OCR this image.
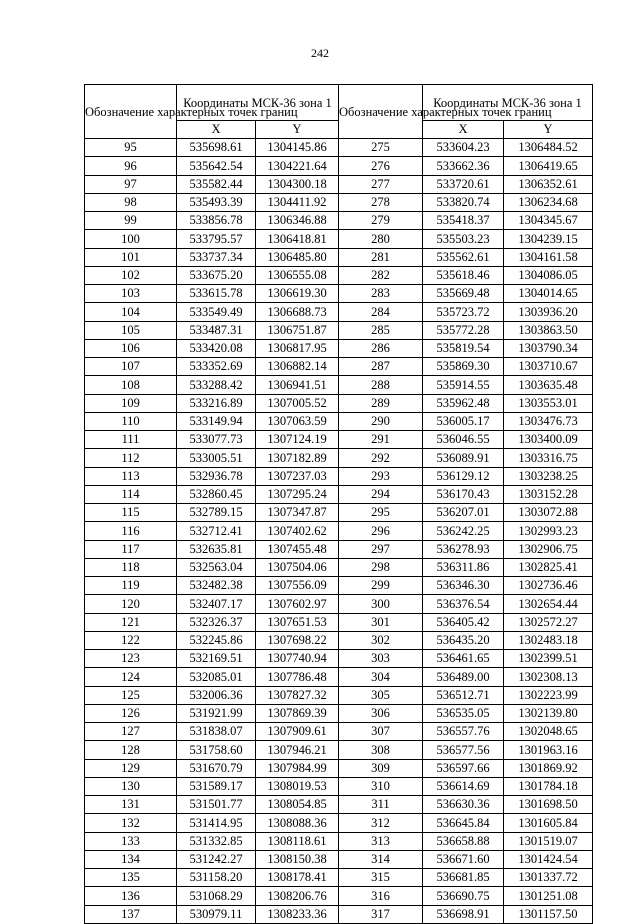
242
Обозначение характерных точек границ	Координаты МСК-36 зона 1		Обозначение характерных точек границ	Координаты МСК-36 зона 1	
	X	Y		X	Y
95	535698.61	1304145.86	275	533604.23	1306484.52
96	535642.54	1304221.64	276	533662.36	1306419.65
97	535582.44	1304300.18	277	533720.61	1306352.61
98	535493.39	1304411.92	278	533820.74	1306234.68
99	533856.78	1306346.88	279	535418.37	1304345.67
100	533795.57	1306418.81	280	535503.23	1304239.15
101	533737.34	1306485.80	281	535562.61	1304161.58
102	533675.20	1306555.08	282	535618.46	1304086.05
103	533615.78	1306619.30	283	535669.48	1304014.65
104	533549.49	1306688.73	284	535723.72	1303936.20
105	533487.31	1306751.87	285	535772.28	1303863.50
106	533420.08	1306817.95	286	535819.54	1303790.34
107	533352.69	1306882.14	287	535869.30	1303710.67
108	533288.42	1306941.51	288	535914.55	1303635.48
109	533216.89	1307005.52	289	535962.48	1303553.01
110	533149.94	1307063.59	290	536005.17	1303476.73
111	533077.73	1307124.19	291	536046.55	1303400.09
112	533005.51	1307182.89	292	536089.91	1303316.75
113	532936.78	1307237.03	293	536129.12	1303238.25
114	532860.45	1307295.24	294	536170.43	1303152.28
115	532789.15	1307347.87	295	536207.01	1303072.88
116	532712.41	1307402.62	296	536242.25	1302993.23
117	532635.81	1307455.48	297	536278.93	1302906.75
118	532563.04	1307504.06	298	536311.86	1302825.41
119	532482.38	1307556.09	299	536346.30	1302736.46
120	532407.17	1307602.97	300	536376.54	1302654.44
121	532326.37	1307651.53	301	536405.42	1302572.27
122	532245.86	1307698.22	302	536435.20	1302483.18
123	532169.51	1307740.94	303	536461.65	1302399.51
124	532085.01	1307786.48	304	536489.00	1302308.13
125	532006.36	1307827.32	305	536512.71	1302223.99
126	531921.99	1307869.39	306	536535.05	1302139.80
127	531838.07	1307909.61	307	536557.76	1302048.65
128	531758.60	1307946.21	308	536577.56	1301963.16
129	531670.79	1307984.99	309	536597.66	1301869.92
130	531589.17	1308019.53	310	536614.69	1301784.18
131	531501.77	1308054.85	311	536630.36	1301698.50
132	531414.95	1308088.36	312	536645.84	1301605.84
133	531332.85	1308118.61	313	536658.88	1301519.07
134	531242.27	1308150.38	314	536671.60	1301424.54
135	531158.20	1308178.41	315	536681.85	1301337.72
136	531068.29	1308206.76	316	536690.75	1301251.08
137	530979.11	1308233.36	317	536698.91	1301157.50
